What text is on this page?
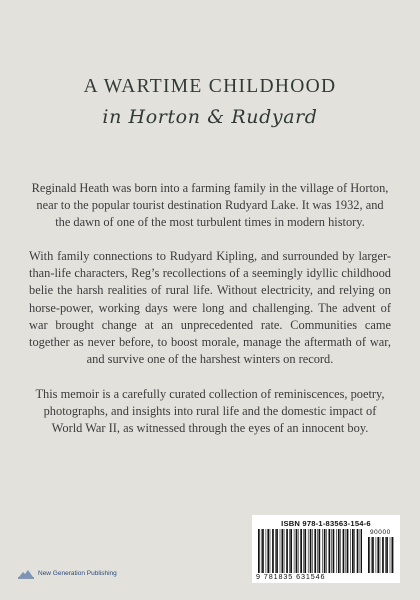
A WARTIME CHILDHOOD
in Horton & Rudyard

Reginald Heath was born into a farming family in the village of Horton, near to the popular tourist destination Rudyard Lake. It was 1932, and the dawn of one of the most turbulent times in modern history.

With family connections to Rudyard Kipling, and surrounded by larger-than-life characters, Reg’s recollections of a seemingly idyllic childhood belie the harsh realities of rural life. Without electricity, and relying on horse-power, working days were long and challenging. The advent of war brought change at an unprecedented rate. Communities came together as never before, to boost morale, manage the aftermath of war, and survive one of the harshest winters on record.

This memoir is a carefully curated collection of reminiscences, poetry, photographs, and insights into rural life and the domestic impact of World War II, as witnessed through the eyes of an innocent boy.

New Generation Publishing
ISBN 978-1-83563-154-6
9 781835 631546
90000
